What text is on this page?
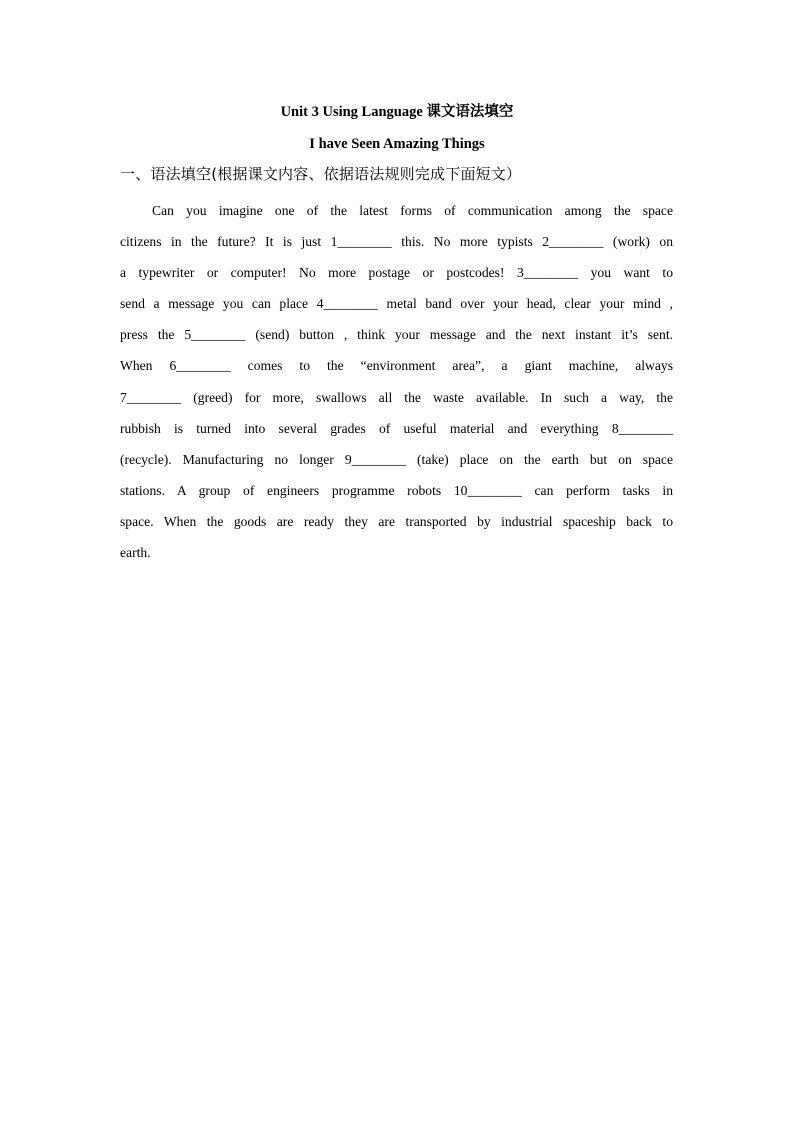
Unit 3 Using Language 课文语法填空
I have Seen Amazing Things
一、语法填空(根据课文内容、依据语法规则完成下面短文）
Can you imagine one of the latest forms of communication among the space
citizens in the future? It is just 1________ this. No more typists 2________ (work) on
a typewriter or computer! No more postage or postcodes! 3________ you want to
send a message you can place 4________ metal band over your head, clear your mind ,
press the 5________ (send) button , think your message and the next instant it’s sent.
When 6________ comes to the “environment area”, a giant machine, always
7________ (greed) for more, swallows all the waste available. In such a way, the
rubbish is turned into several grades of useful material and everything 8________
(recycle). Manufacturing no longer 9________ (take) place on the earth but on space
stations. A group of engineers programme robots 10________ can perform tasks in
space. When the goods are ready they are transported by industrial spaceship back to
earth.
